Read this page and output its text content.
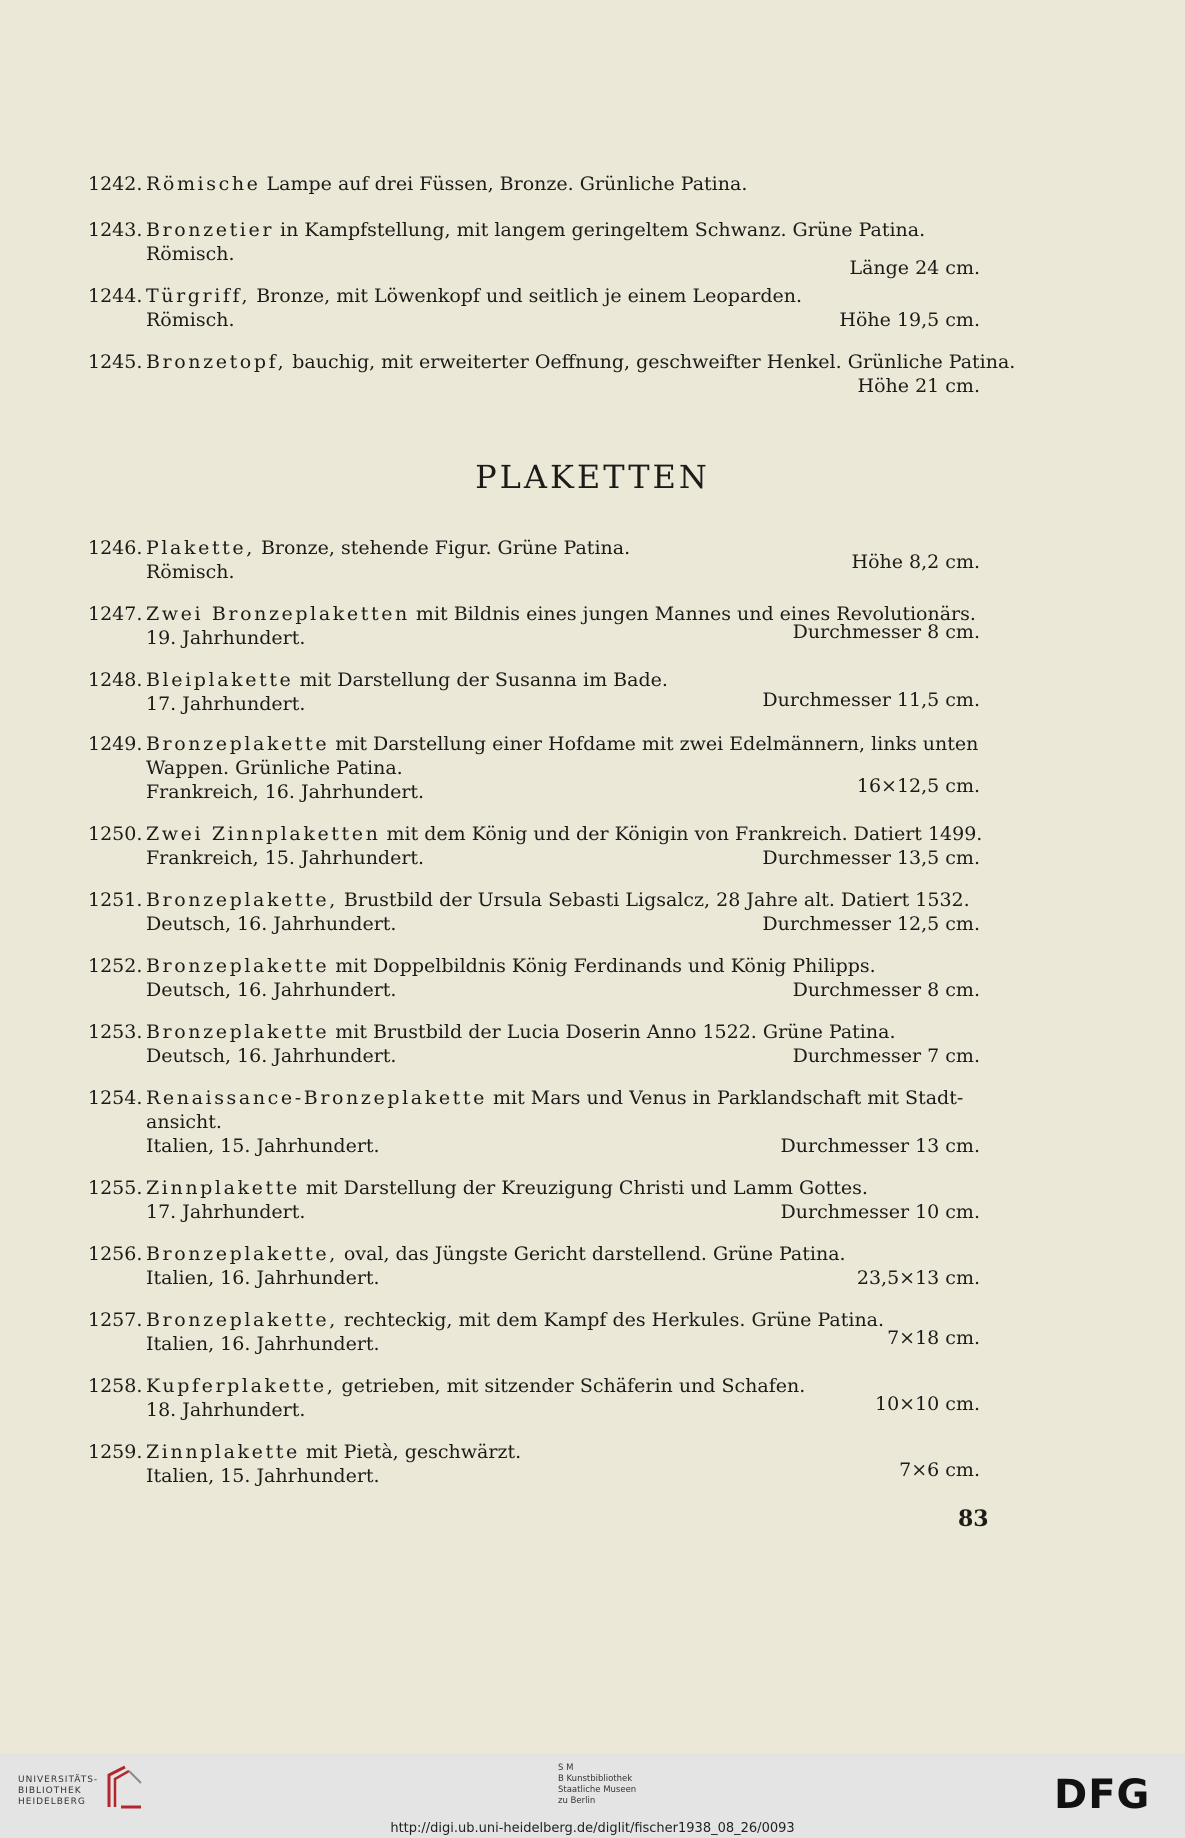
1242. Römische Lampe auf drei Füssen, Bronze. Grünliche Patina.
1243. Bronzetier in Kampfstellung, mit langem geringeltem Schwanz. Grüne Patina.
Römisch.
Länge 24 cm.
1244. Türgriff, Bronze, mit Löwenkopf und seitlich je einem Leoparden.
Römisch.	Höhe 19,5 cm.
1245. Bronzetopf, bauchig, mit erweiterter Oeffnung, geschweifter Henkel. Grünliche Patina.
Höhe 21 cm.
PLAKETTEN
1246. Plakette, Bronze, stehende Figur. Grüne Patina.
Römisch.	Höhe 8,2 cm.
1247. Zwei Bronzeplaketten mit Bildnis eines jungen Mannes und eines Revolutionärs.
19. Jahrhundert.	Durchmesser 8 cm.
1248. Bleiplakette mit Darstellung der Susanna im Bade.
17. Jahrhundert.	Durchmesser 11,5 cm.
1249. Bronzeplakette mit Darstellung einer Hofdame mit zwei Edelmännern, links unten
Wappen. Grünliche Patina.
Frankreich, 16. Jahrhundert.	16×12,5 cm.
1250. Zwei Zinnplaketten mit dem König und der Königin von Frankreich. Datiert 1499.
Frankreich, 15. Jahrhundert.	Durchmesser 13,5 cm.
1251. Bronzeplakette, Brustbild der Ursula Sebasti Ligsalcz, 28 Jahre alt. Datiert 1532.
Deutsch, 16. Jahrhundert.	Durchmesser 12,5 cm.
1252. Bronzeplakette mit Doppelbildnis König Ferdinands und König Philipps.
Deutsch, 16. Jahrhundert.	Durchmesser 8 cm.
1253. Bronzeplakette mit Brustbild der Lucia Doserin Anno 1522. Grüne Patina.
Deutsch, 16. Jahrhundert.	Durchmesser 7 cm.
1254. Renaissance-Bronzeplakette mit Mars und Venus in Parklandschaft mit Stadt-
ansicht.
Italien, 15. Jahrhundert.	Durchmesser 13 cm.
1255. Zinnplakette mit Darstellung der Kreuzigung Christi und Lamm Gottes.
17. Jahrhundert.	Durchmesser 10 cm.
1256. Bronzeplakette, oval, das Jüngste Gericht darstellend. Grüne Patina.
Italien, 16. Jahrhundert.	23,5×13 cm.
1257. Bronzeplakette, rechteckig, mit dem Kampf des Herkules. Grüne Patina.
Italien, 16. Jahrhundert.	7×18 cm.
1258. Kupferplakette, getrieben, mit sitzender Schäferin und Schafen.
18. Jahrhundert.	10×10 cm.
1259. Zinnplakette mit Pietà, geschwärzt.
Italien, 15. Jahrhundert.	7×6 cm.
83
UNIVERSITÄTS-
BIBLIOTHEK
HEIDELBERG
S M
B Kunstbibliothek
Staatliche Museen
zu Berlin	DFG
http://digi.ub.uni-heidelberg.de/diglit/fischer1938_08_26/0093
